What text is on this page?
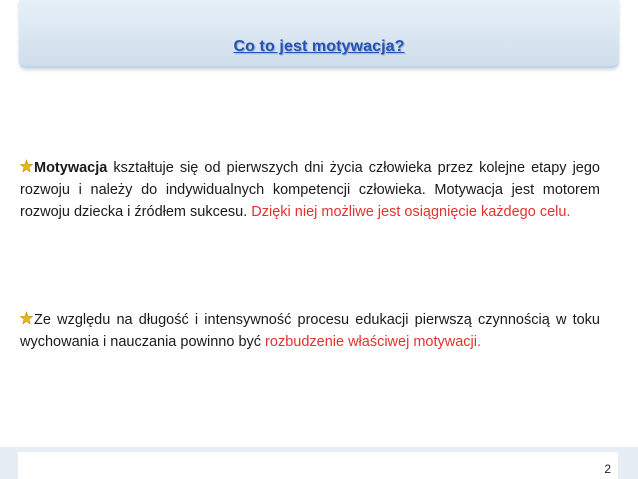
Co to jest motywacja?
Motywacja kształtuje się od pierwszych dni życia człowieka przez kolejne etapy jego rozwoju i należy do indywidualnych kompetencji człowieka. Motywacja jest motorem rozwoju dziecka i źródłem sukcesu. Dzięki niej możliwe jest osiągnięcie każdego celu.
Ze względu na długość i intensywność procesu edukacji pierwszą czynnością w toku wychowania i nauczania powinno być rozbudzenie właściwej motywacji.
2
